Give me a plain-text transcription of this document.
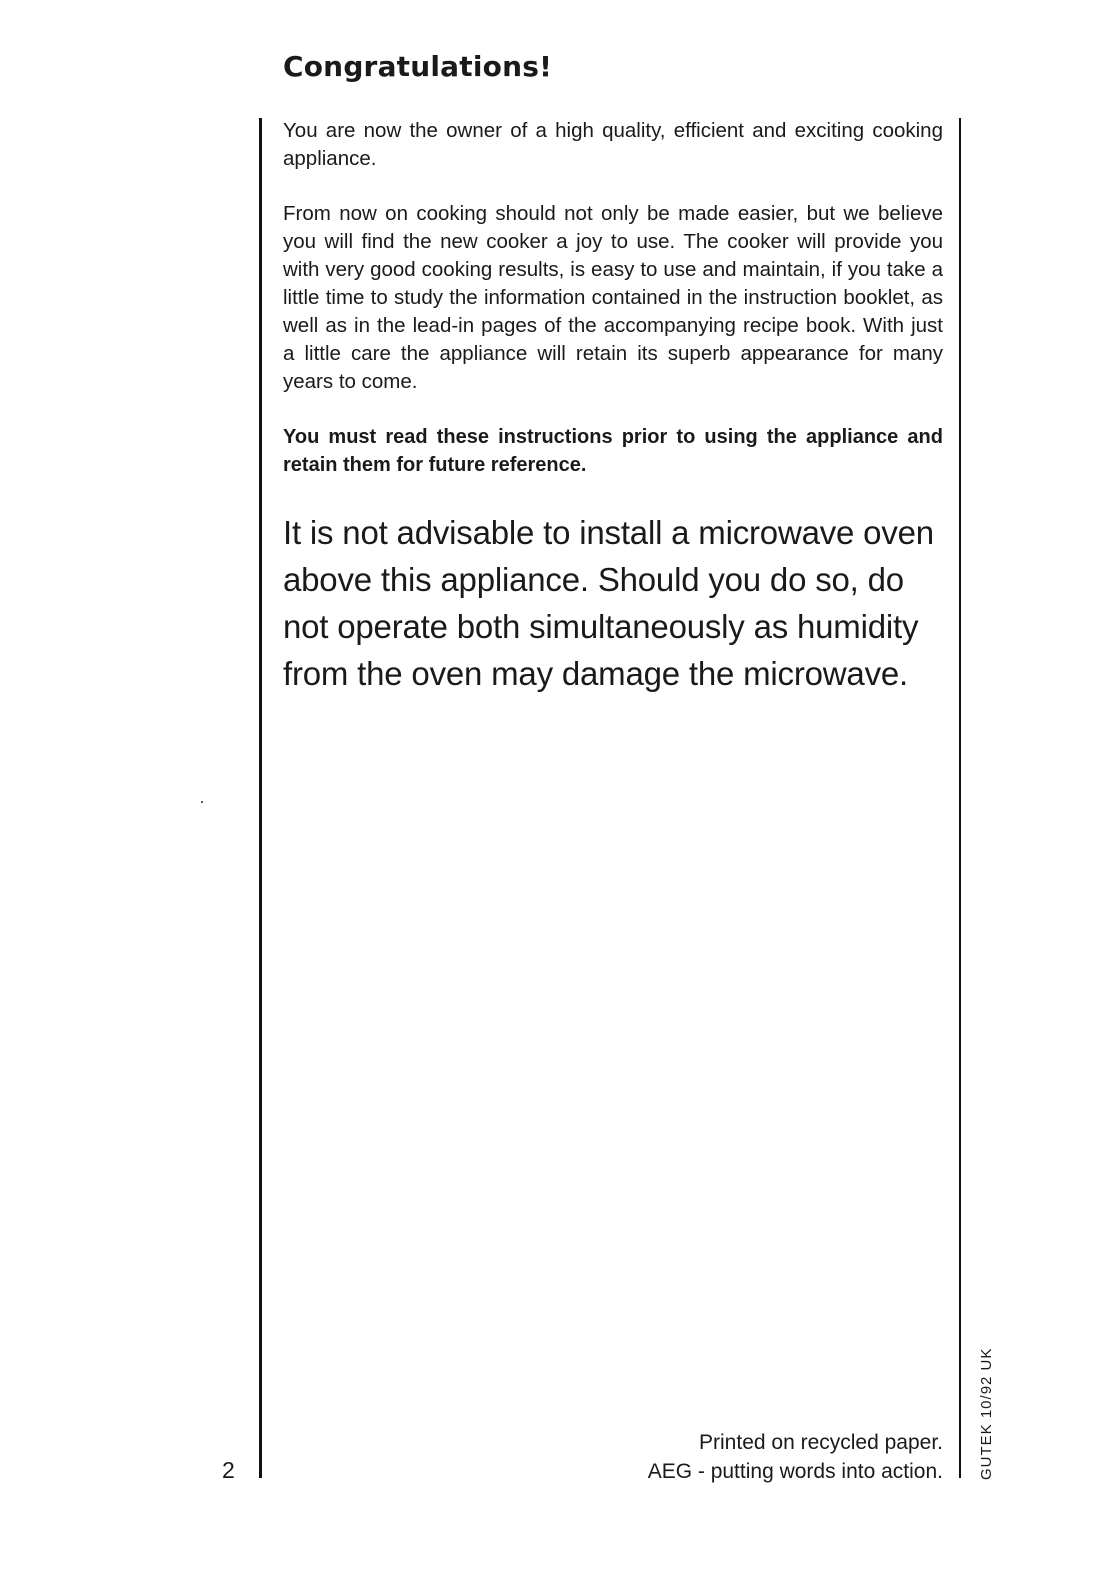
Congratulations!

You are now the owner of a high quality, efficient and exciting cooking appliance.

From now on cooking should not only be made easier, but we believe you will find the new cooker a joy to use. The cooker will provide you with very good cooking results, is easy to use and maintain, if you take a little time to study the information contained in the instruction booklet, as well as in the lead-in pages of the accompanying recipe book. With just a little care the appliance will retain its superb appearance for many years to come.

You must read these instructions prior to using the appliance and retain them for future reference.

It is not advisable to install a microwave oven above this appliance. Should you do so, do not operate both simultaneously as humidity from the oven may damage the microwave.

2
Printed on recycled paper.
AEG - putting words into action. GUTEK 10/92 UK
